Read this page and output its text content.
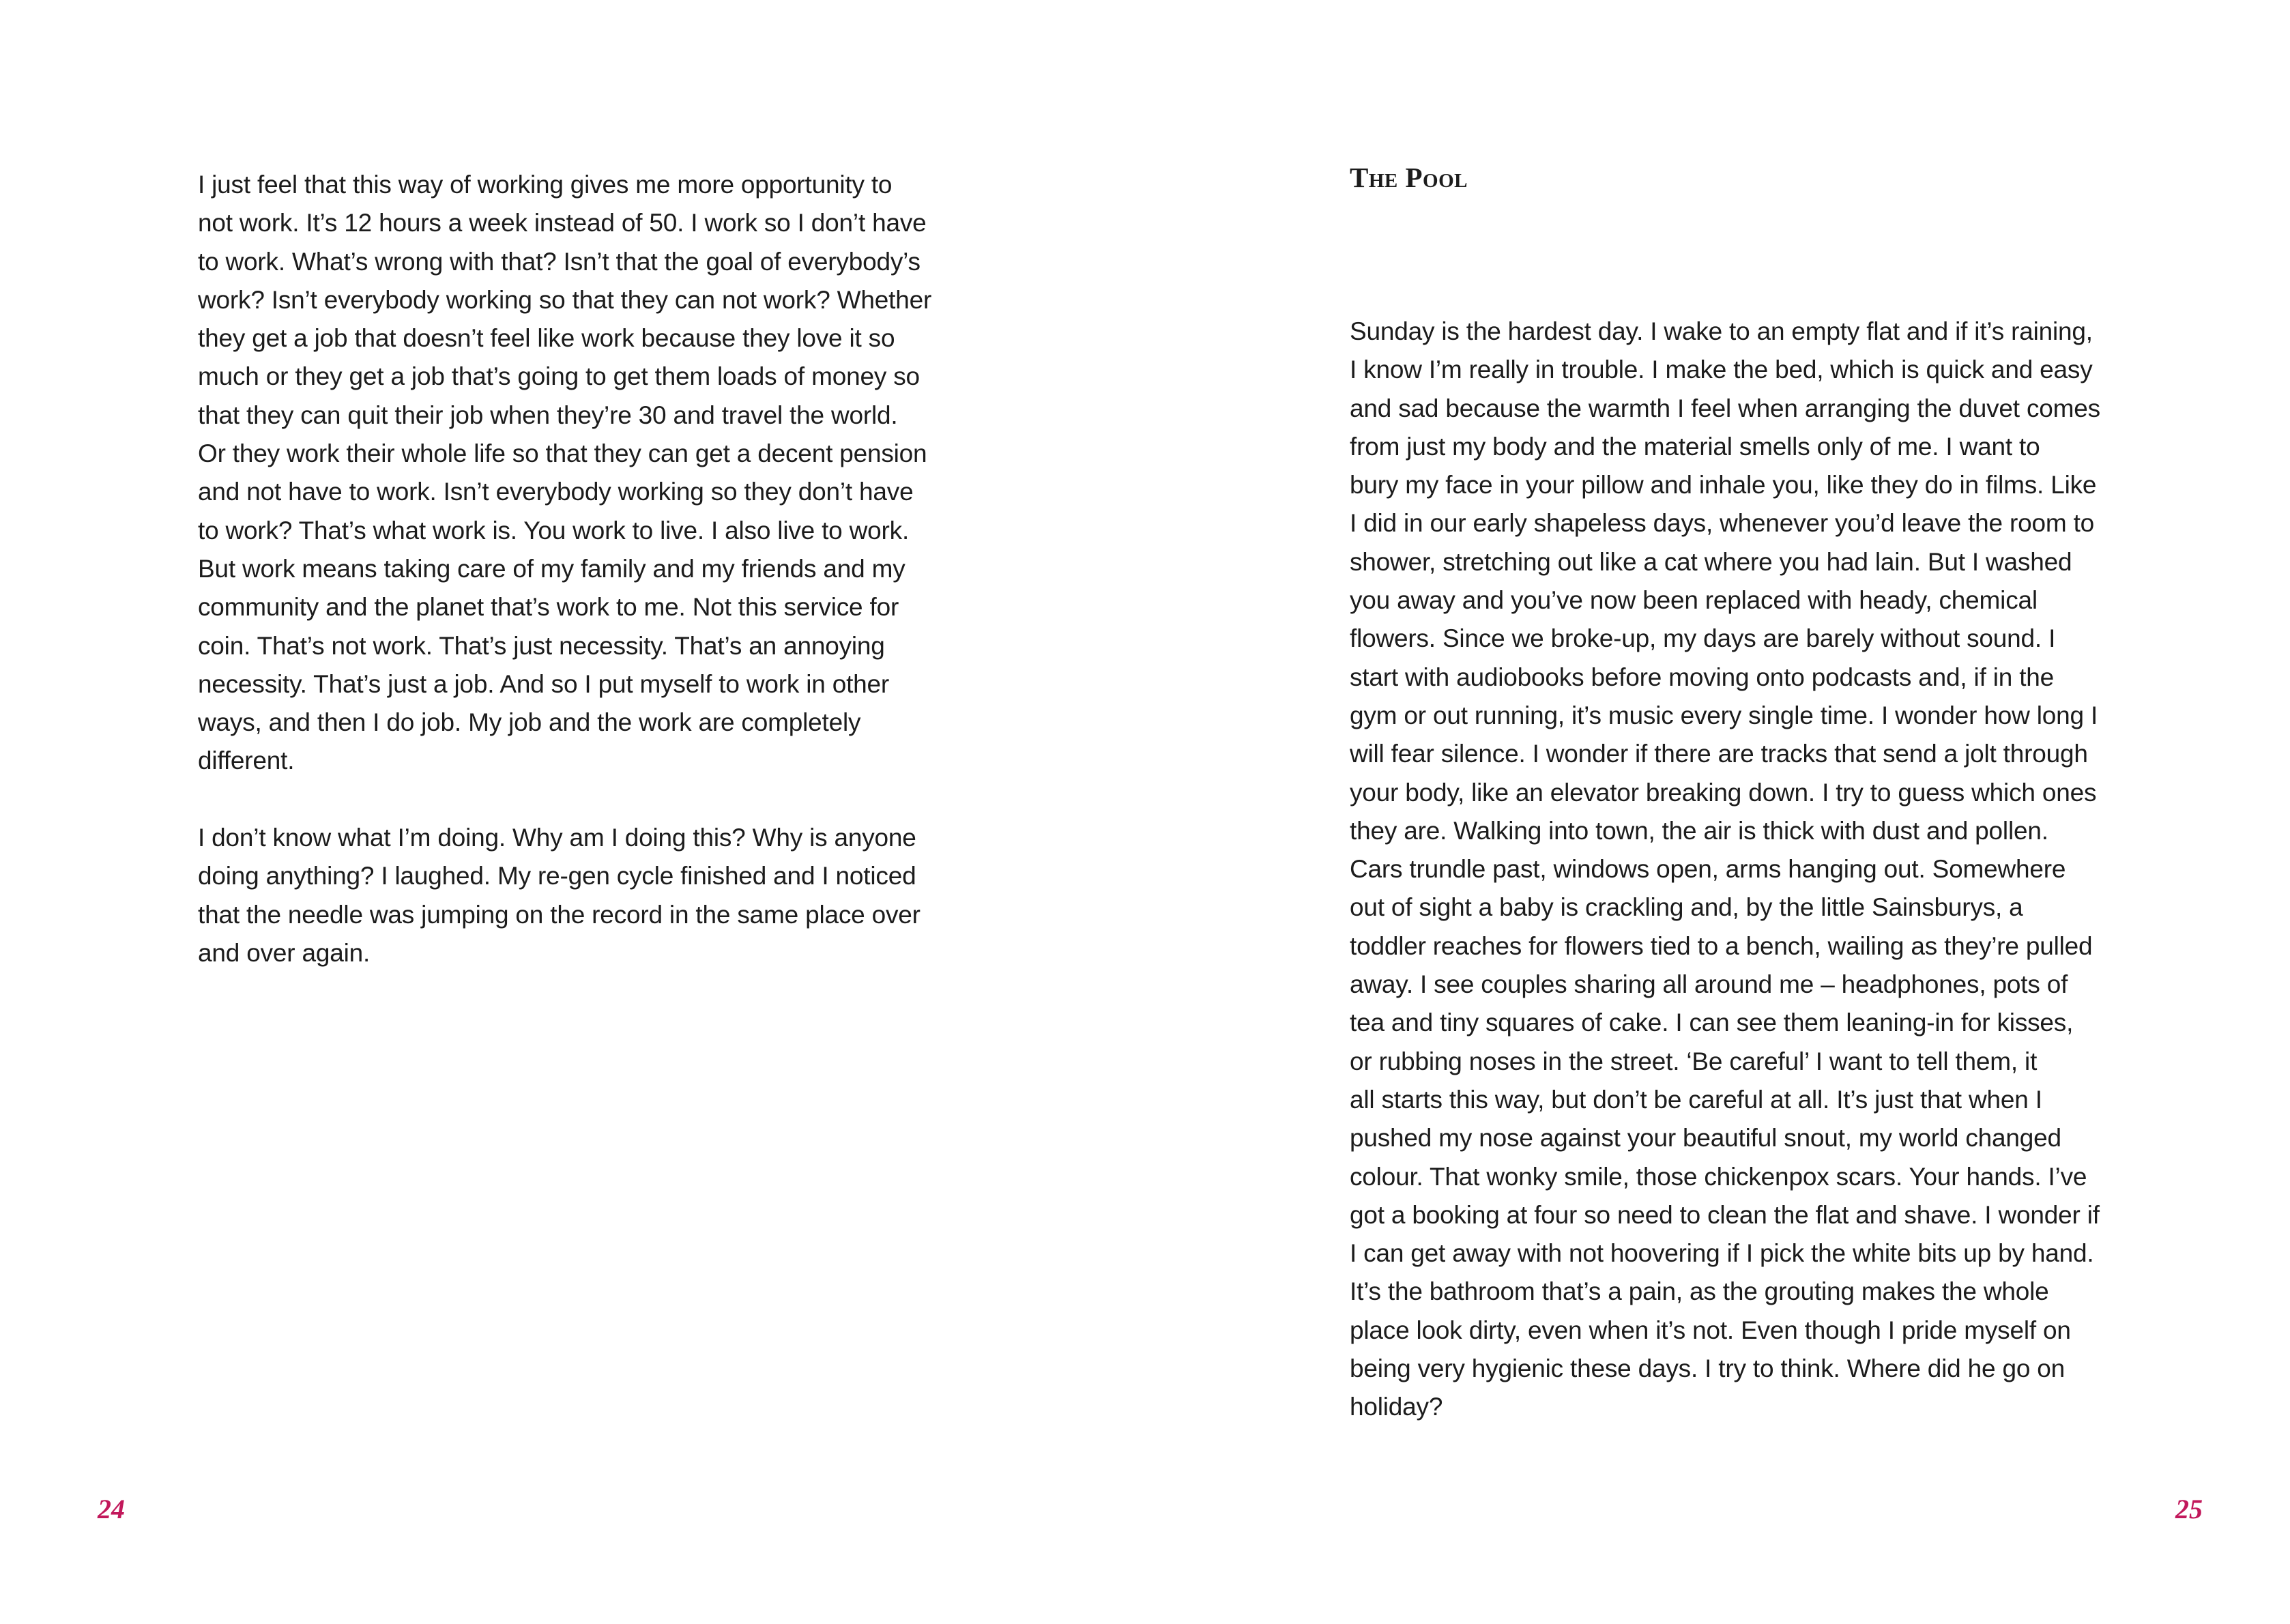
I just feel that this way of working gives me more opportunity to
not work. It’s 12 hours a week instead of 50. I work so I don’t have
to work. What’s wrong with that? Isn’t that the goal of everybody’s
work? Isn’t everybody working so that they can not work? Whether
they get a job that doesn’t feel like work because they love it so
much or they get a job that’s going to get them loads of money so
that they can quit their job when they’re 30 and travel the world.
Or they work their whole life so that they can get a decent pension
and not have to work. Isn’t everybody working so they don’t have
to work? That’s what work is. You work to live. I also live to work.
But work means taking care of my family and my friends and my
community and the planet that’s work to me. Not this service for
coin. That’s not work. That’s just necessity. That’s an annoying
necessity. That’s just a job. And so I put myself to work in other
ways, and then I do job. My job and the work are completely
different.

I don’t know what I’m doing. Why am I doing this? Why is anyone
doing anything? I laughed. My re-gen cycle finished and I noticed
that the needle was jumping on the record in the same place over
and over again.

The Pool

Sunday is the hardest day. I wake to an empty flat and if it’s raining,
I know I’m really in trouble. I make the bed, which is quick and easy
and sad because the warmth I feel when arranging the duvet comes
from just my body and the material smells only of me. I want to
bury my face in your pillow and inhale you, like they do in films. Like
I did in our early shapeless days, whenever you’d leave the room to
shower, stretching out like a cat where you had lain. But I washed
you away and you’ve now been replaced with heady, chemical
flowers. Since we broke-up, my days are barely without sound. I
start with audiobooks before moving onto podcasts and, if in the
gym or out running, it’s music every single time. I wonder how long I
will fear silence. I wonder if there are tracks that send a jolt through
your body, like an elevator breaking down. I try to guess which ones
they are. Walking into town, the air is thick with dust and pollen.
Cars trundle past, windows open, arms hanging out. Somewhere
out of sight a baby is crackling and, by the little Sainsburys, a
toddler reaches for flowers tied to a bench, wailing as they’re pulled
away. I see couples sharing all around me – headphones, pots of
tea and tiny squares of cake. I can see them leaning-in for kisses,
or rubbing noses in the street. ‘Be careful’ I want to tell them, it
all starts this way, but don’t be careful at all. It’s just that when I
pushed my nose against your beautiful snout, my world changed
colour. That wonky smile, those chickenpox scars. Your hands. I’ve
got a booking at four so need to clean the flat and shave. I wonder if
I can get away with not hoovering if I pick the white bits up by hand.
It’s the bathroom that’s a pain, as the grouting makes the whole
place look dirty, even when it’s not. Even though I pride myself on
being very hygienic these days. I try to think. Where did he go on
holiday?

24	25
